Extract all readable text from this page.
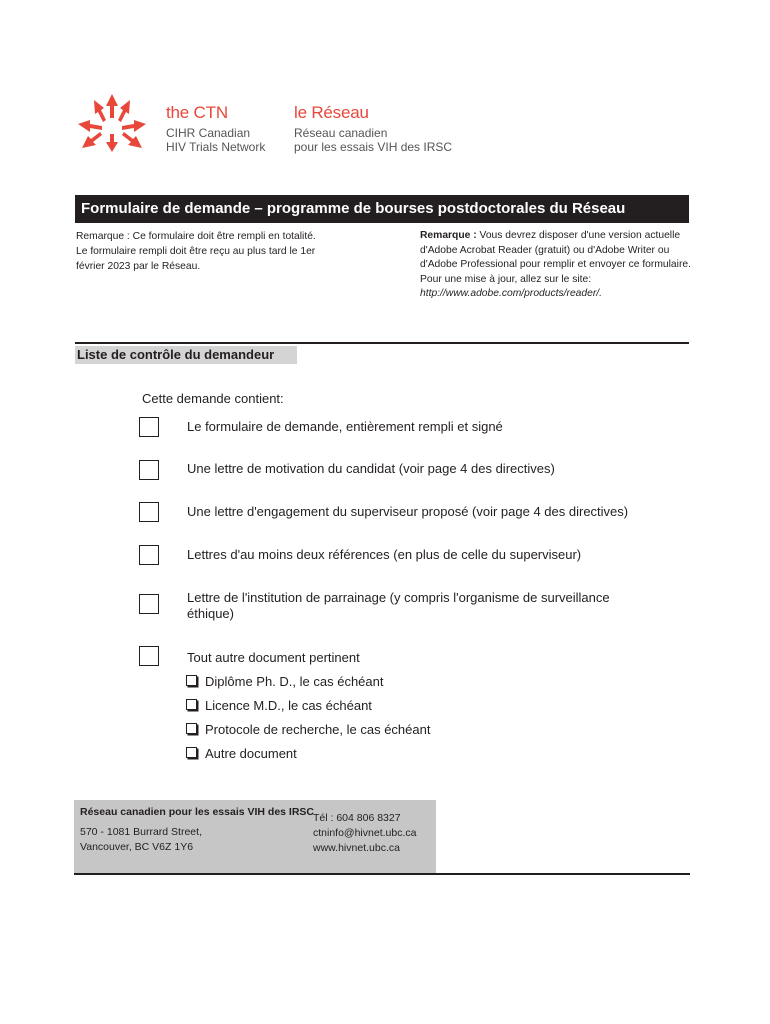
the CTN
CIHR Canadian
HIV Trials Network
le Réseau
Réseau canadien
pour les essais VIH des IRSC
Formulaire de demande – programme de bourses postdoctorales du Réseau
Remarque : Ce formulaire doit être rempli en totalité. Le formulaire rempli doit être reçu au plus tard le 1er février 2023 par le Réseau.
Remarque : Vous devrez disposer d'une version actuelle d'Adobe Acrobat Reader (gratuit) ou d'Adobe Writer ou d'Adobe Professional pour remplir et envoyer ce formulaire. Pour une mise à jour, allez sur le site: http://www.adobe.com/products/reader/.
Liste de contrôle du demandeur
Cette demande contient:
Le formulaire de demande, entièrement rempli et signé
Une lettre de motivation du candidat (voir page 4 des directives)
Une lettre d'engagement du superviseur proposé (voir page 4 des directives)
Lettres d'au moins deux références (en plus de celle du superviseur)
Lettre de l'institution de parrainage (y compris l'organisme de surveillance éthique)
Tout autre document pertinent
Diplôme Ph. D., le cas échéant
Licence M.D., le cas échéant
Protocole de recherche, le cas échéant
Autre document
Réseau canadien pour les essais VIH des IRSC
570 - 1081 Burrard Street,
Vancouver, BC V6Z 1Y6
Tél : 604 806 8327
ctninfo@hivnet.ubc.ca
www.hivnet.ubc.ca
